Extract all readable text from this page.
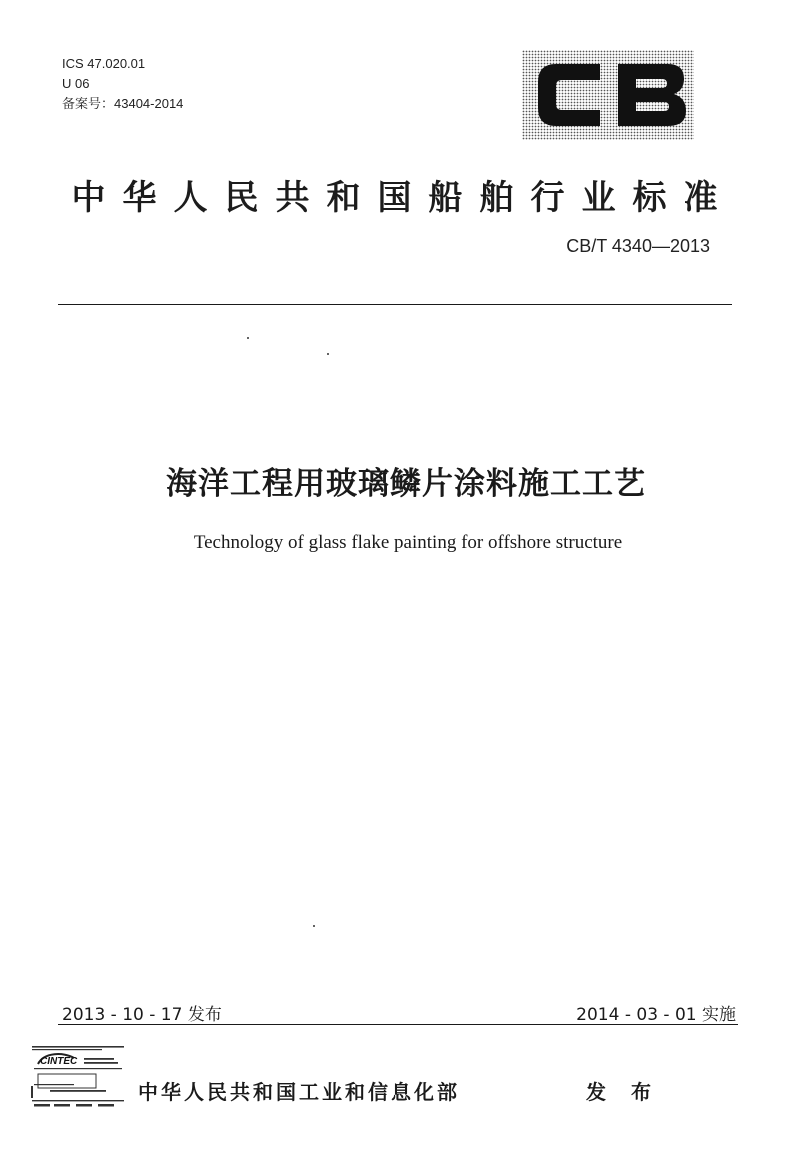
ICS 47.020.01
U 06
备案号：43404-2014
中华人民共和国船舶行业标准
CB/T 4340—2013
海洋工程用玻璃鳞片涂料施工工艺
Technology of glass flake painting for offshore structure
2013 - 10 - 17 发布	2014 - 03 - 01 实施
CINTEC
中华人民共和国工业和信息化部	发 布
